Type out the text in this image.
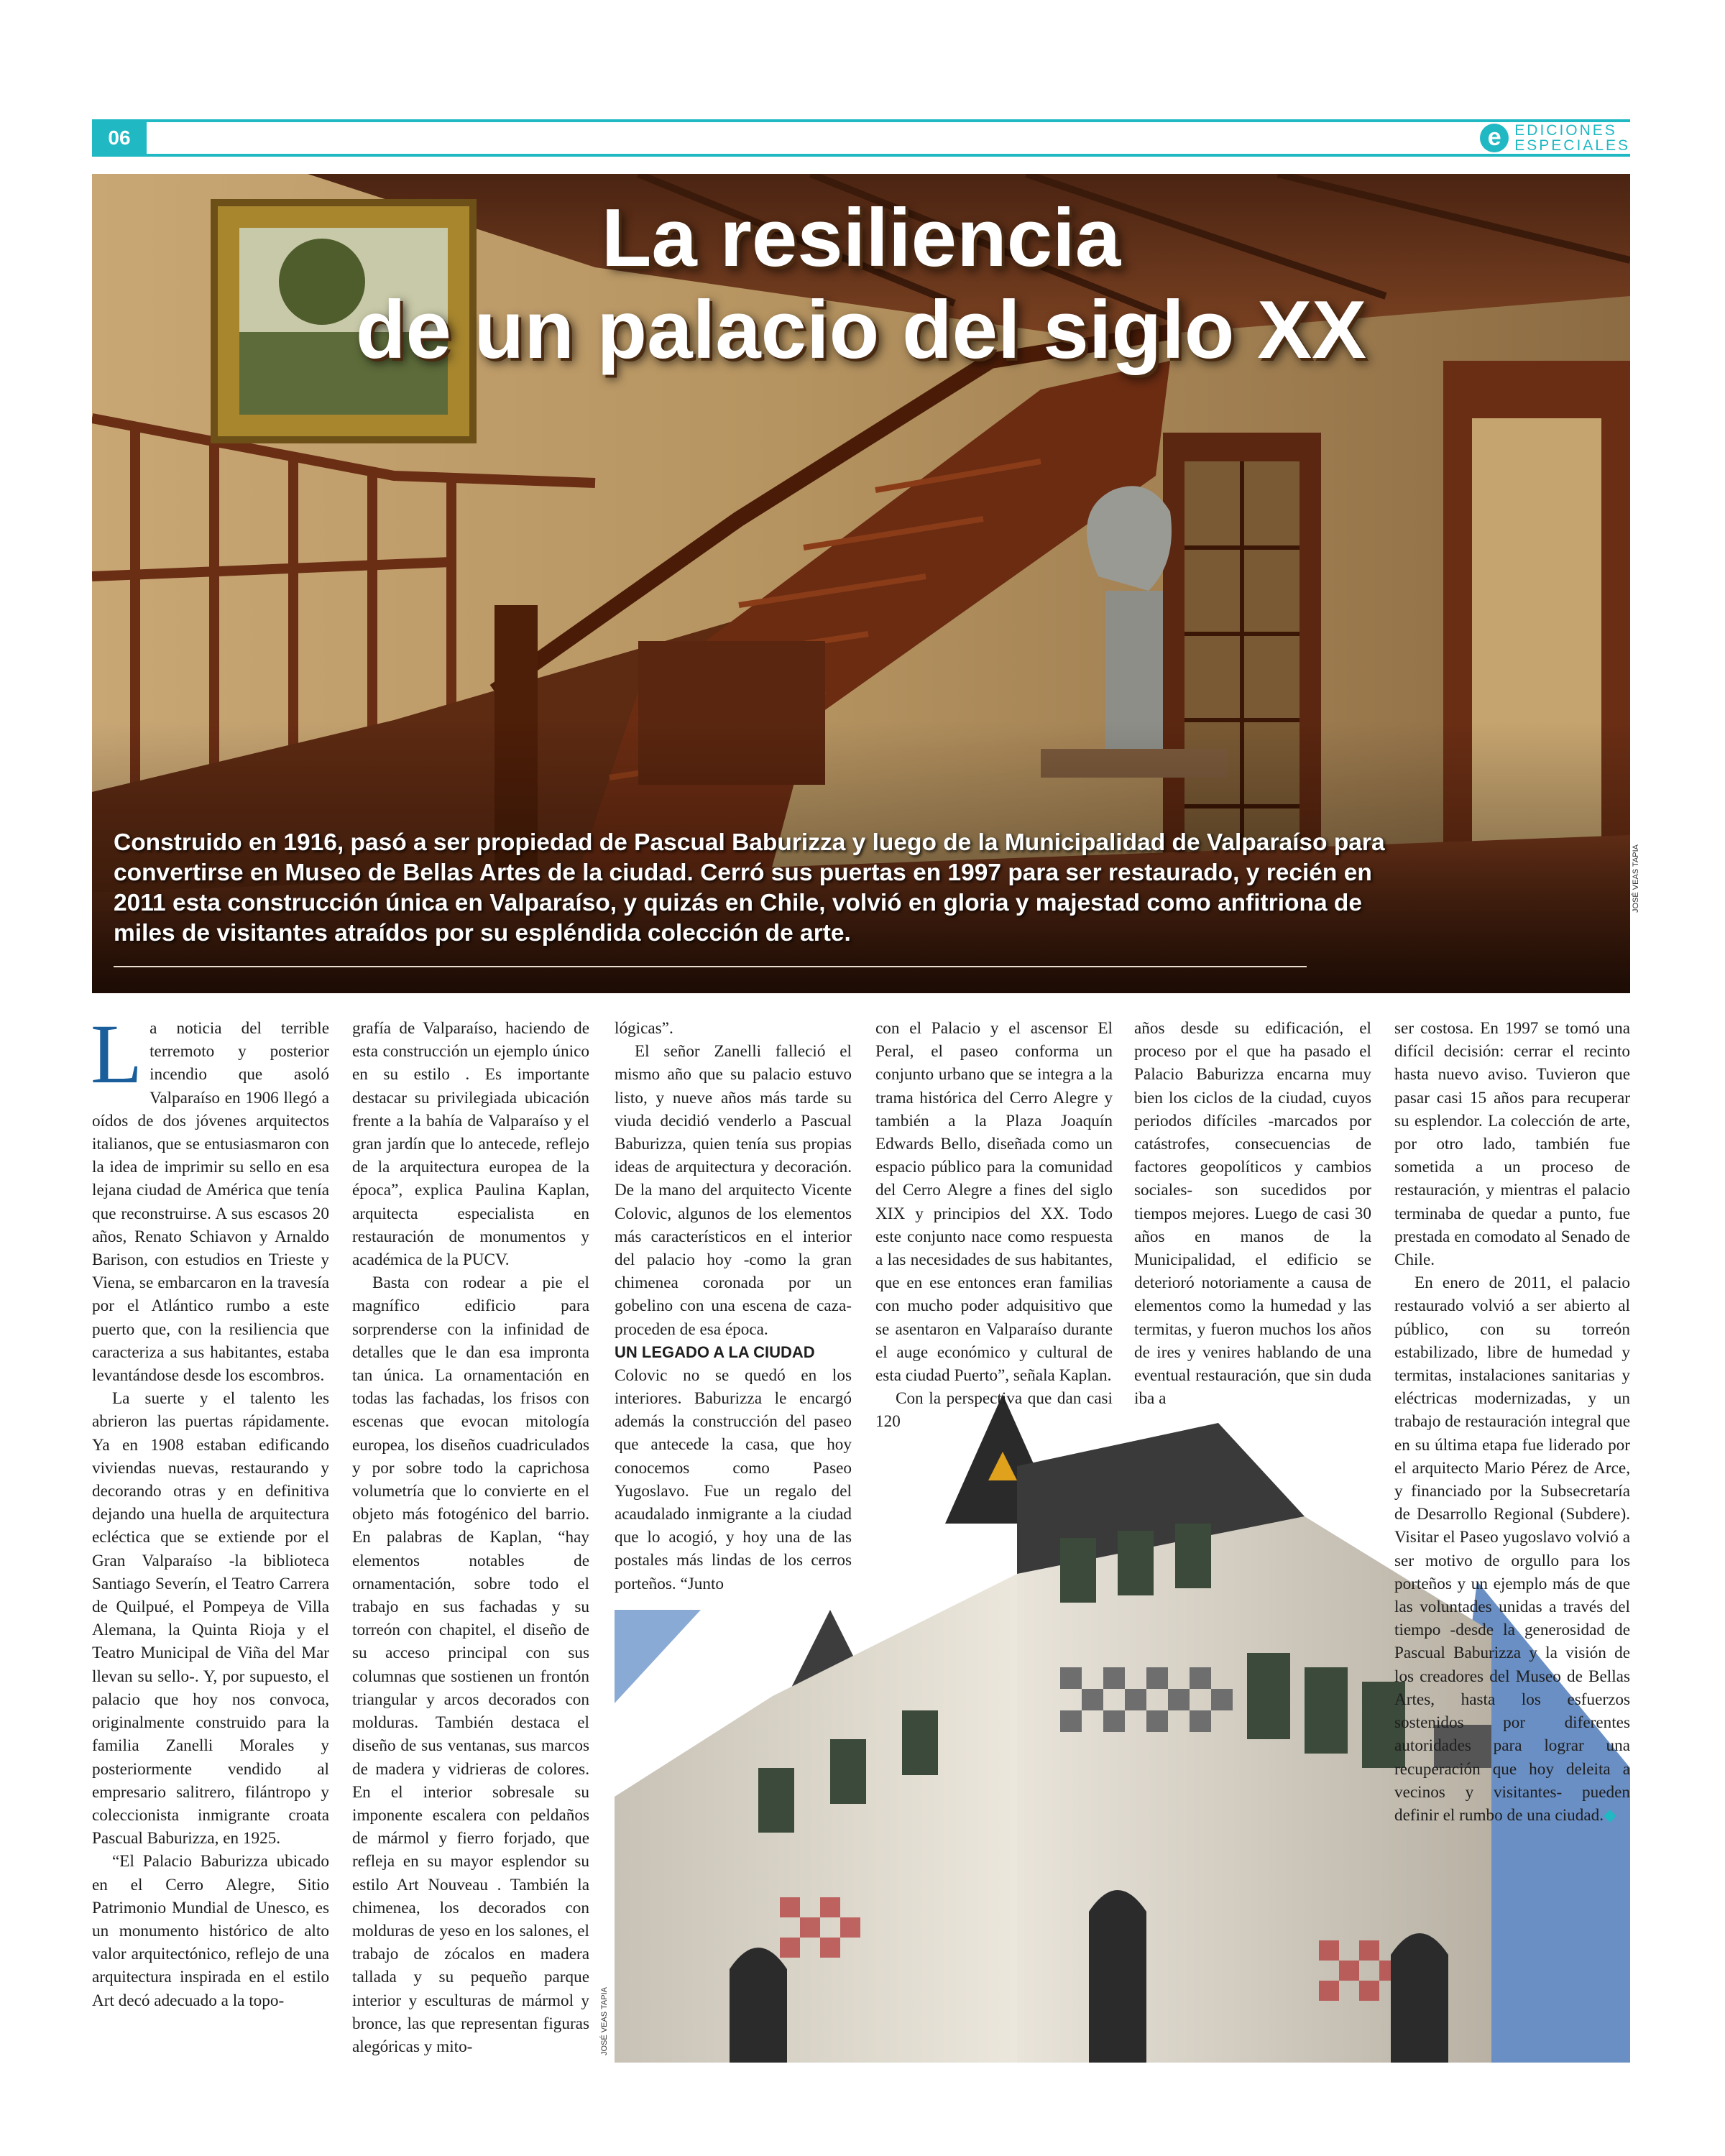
06	e EDICIONES
ESPECIALES
La resiliencia
de un palacio del siglo XX
Construido en 1916, pasó a ser propiedad de Pascual Baburizza y luego de la Municipalidad de Valparaíso para convertirse en Museo de Bellas Artes de la ciudad. Cerró sus puertas en 1997 para ser restaurado, y recién en 2011 esta construcción única en Valparaíso, y quizás en Chile, volvió en gloria y majestad como anfitriona de miles de visitantes atraídos por su espléndida colección de arte.
JOSÉ VEAS TAPIA
JOSÉ VEAS TAPIA

La noticia del terrible terremoto y posterior incendio que asoló Valparaíso en 1906 llegó a oídos de dos jóvenes arquitectos italianos, que se entusiasmaron con la idea de imprimir su sello en esa lejana ciudad de América que tenía que reconstruirse. A sus escasos 20 años, Renato Schiavon y Arnaldo Barison, con estudios en Trieste y Viena, se embarcaron en la travesía por el Atlántico rumbo a este puerto que, con la resiliencia que caracteriza a sus habitantes, estaba levantándose desde los escombros.

La suerte y el talento les abrieron las puertas rápidamente. Ya en 1908 estaban edificando viviendas nuevas, restaurando y decorando otras y en definitiva dejando una huella de arquitectura ecléctica que se extiende por el Gran Valparaíso -la biblioteca Santiago Severín, el Teatro Carrera de Quilpué, el Pompeya de Villa Alemana, la Quinta Rioja y el Teatro Municipal de Viña del Mar llevan su sello-. Y, por supuesto, el palacio que hoy nos convoca, originalmente construido para la familia Zanelli Morales y posteriormente vendido al empresario salitrero, filántropo y coleccionista inmigrante croata Pascual Baburizza, en 1925.

“El Palacio Baburizza ubicado en el Cerro Alegre, Sitio Patrimonio Mundial de Unesco, es un monumento histórico de alto valor arquitectónico, reflejo de una arquitectura inspirada en el estilo Art decó adecuado a la topo-

grafía de Valparaíso, haciendo de esta construcción un ejemplo único en su estilo . Es importante destacar su privilegiada ubicación frente a la bahía de Valparaíso y el gran jardín que lo antecede, reflejo de la arquitectura europea de la época”, explica Paulina Kaplan, arquitecta especialista en restauración de monumentos y académica de la PUCV.

Basta con rodear a pie el magnífico edificio para sorprenderse con la infinidad de detalles que le dan esa impronta tan única. La ornamentación en todas las fachadas, los frisos con escenas que evocan mitología europea, los diseños cuadriculados y por sobre todo la caprichosa volumetría que lo convierte en el objeto más fotogénico del barrio. En palabras de Kaplan, “hay elementos notables de ornamentación, sobre todo el trabajo en sus fachadas y su torreón con chapitel, el diseño de su acceso principal con sus columnas que sostienen un frontón triangular y arcos decorados con molduras. También destaca el diseño de sus ventanas, sus marcos de madera y vidrieras de colores. En el interior sobresale su imponente escalera con peldaños de mármol y fierro forjado, que refleja en su mayor esplendor su estilo Art Nouveau . También la chimenea, los decorados con molduras de yeso en los salones, el trabajo de zócalos en madera tallada y su pequeño parque interior y esculturas de mármol y bronce, las que representan figuras alegóricas y mito-

lógicas”.

El señor Zanelli falleció el mismo año que su palacio estuvo listo, y nueve años más tarde su viuda decidió venderlo a Pascual Baburizza, quien tenía sus propias ideas de arquitectura y decoración. De la mano del arquitecto Vicente Colovic, algunos de los elementos más característicos en el interior del palacio hoy -como la gran chimenea coronada por un gobelino con una escena de caza- proceden de esa época.

UN LEGADO A LA CIUDAD

Colovic no se quedó en los interiores. Baburizza le encargó además la construcción del paseo que antecede la casa, que hoy conocemos como Paseo Yugoslavo. Fue un regalo del acaudalado inmigrante a la ciudad que lo acogió, y hoy una de las postales más lindas de los cerros porteños. “Junto

con el Palacio y el ascensor El Peral, el paseo conforma un conjunto urbano que se integra a la trama histórica del Cerro Alegre y también a la Plaza Joaquín Edwards Bello, diseñada como un espacio público para la comunidad del Cerro Alegre a fines del siglo XIX y principios del XX. Todo este conjunto nace como respuesta a las necesidades de sus habitantes, que en ese entonces eran familias con mucho poder adquisitivo que se asentaron en Valparaíso durante el auge económico y cultural de esta ciudad Puerto”, señala Kaplan.

Con la perspectiva que dan casi 120

años desde su edificación, el proceso por el que ha pasado el Palacio Baburizza encarna muy bien los ciclos de la ciudad, cuyos periodos difíciles -marcados por catástrofes, consecuencias de factores geopolíticos y cambios sociales- son sucedidos por tiempos mejores. Luego de casi 30 años en manos de la Municipalidad, el edificio se deterioró notoriamente a causa de elementos como la humedad y las termitas, y fueron muchos los años de ires y venires hablando de una eventual restauración, que sin duda iba a

ser costosa. En 1997 se tomó una difícil decisión: cerrar el recinto hasta nuevo aviso. Tuvieron que pasar casi 15 años para recuperar su esplendor. La colección de arte, por otro lado, también fue sometida a un proceso de restauración, y mientras el palacio terminaba de quedar a punto, fue prestada en comodato al Senado de Chile.

En enero de 2011, el palacio restaurado volvió a ser abierto al público, con su torreón estabilizado, libre de humedad y termitas, instalaciones sanitarias y eléctricas modernizadas, y un trabajo de restauración integral que en su última etapa fue liderado por el arquitecto Mario Pérez de Arce, y financiado por la Subsecretaría de Desarrollo Regional (Subdere). Visitar el Paseo yugoslavo volvió a ser motivo de orgullo para los porteños y un ejemplo más de que las voluntades unidas a través del tiempo -desde la generosidad de Pascual Baburizza y la visión de los creadores del Museo de Bellas Artes, hasta los esfuerzos sostenidos por diferentes autoridades para lograr una recuperación que hoy deleita a vecinos y visitantes- pueden definir el rumbo de una ciudad.◆
